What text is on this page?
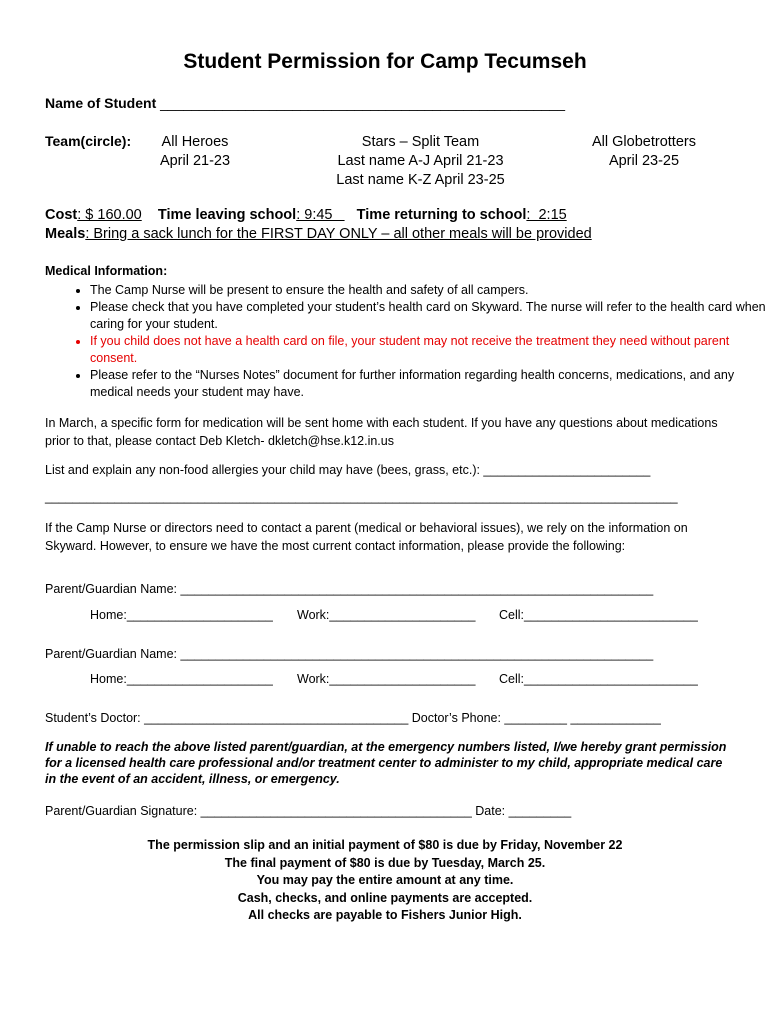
Student Permission for Camp Tecumseh
Name of Student ____________________________________________________
Team(circle):	All Heroes
April 21-23
Stars – Split Team
Last name A-J April 21-23
Last name K-Z April 23-25
All Globetrotters
April 23-25
Cost: $ 160.00 Time leaving school: 9:45      Time returning to school:  2:15
Meals: Bring a sack lunch for the FIRST DAY ONLY – all other meals will be provided
Medical Information:
• The Camp Nurse will be present to ensure the health and safety of all campers.
• Please check that you have completed your student’s health card on Skyward. The nurse will refer to the health card when caring for your student.
• If you child does not have a health card on file, your student may not receive the treatment they need without parent consent.
• Please refer to the “Nurses Notes” document for further information regarding health concerns, medications, and any medical needs your student may have.
In March, a specific form for medication will be sent home with each student. If you have any questions about medications prior to that, please contact Deb Kletch- dkletch@hse.k12.in.us
List and explain any non-food allergies your child may have (bees, grass, etc.): ________________________
___________________________________________________________________________________________
If the Camp Nurse or directors need to contact a parent (medical or behavioral issues), we rely on the information on Skyward. However, to ensure we have the most current contact information, please provide the following:
Parent/Guardian Name: ____________________________________________________________________
Home:_____________________ Work:_____________________ Cell:_________________________
Parent/Guardian Name: ____________________________________________________________________
Home:_____________________ Work:_____________________ Cell:_________________________
Student’s Doctor: ______________________________________ Doctor’s Phone: _________ _____________
If unable to reach the above listed parent/guardian, at the emergency numbers listed, I/we hereby grant permission for a licensed health care professional and/or treatment center to administer to my child, appropriate medical care in the event of an accident, illness, or emergency.
Parent/Guardian Signature: _______________________________________ Date: _________
The permission slip and an initial payment of $80 is due by Friday, November 22
The final payment of $80 is due by Tuesday, March 25.
You may pay the entire amount at any time.
Cash, checks, and online payments are accepted.
All checks are payable to Fishers Junior High.
